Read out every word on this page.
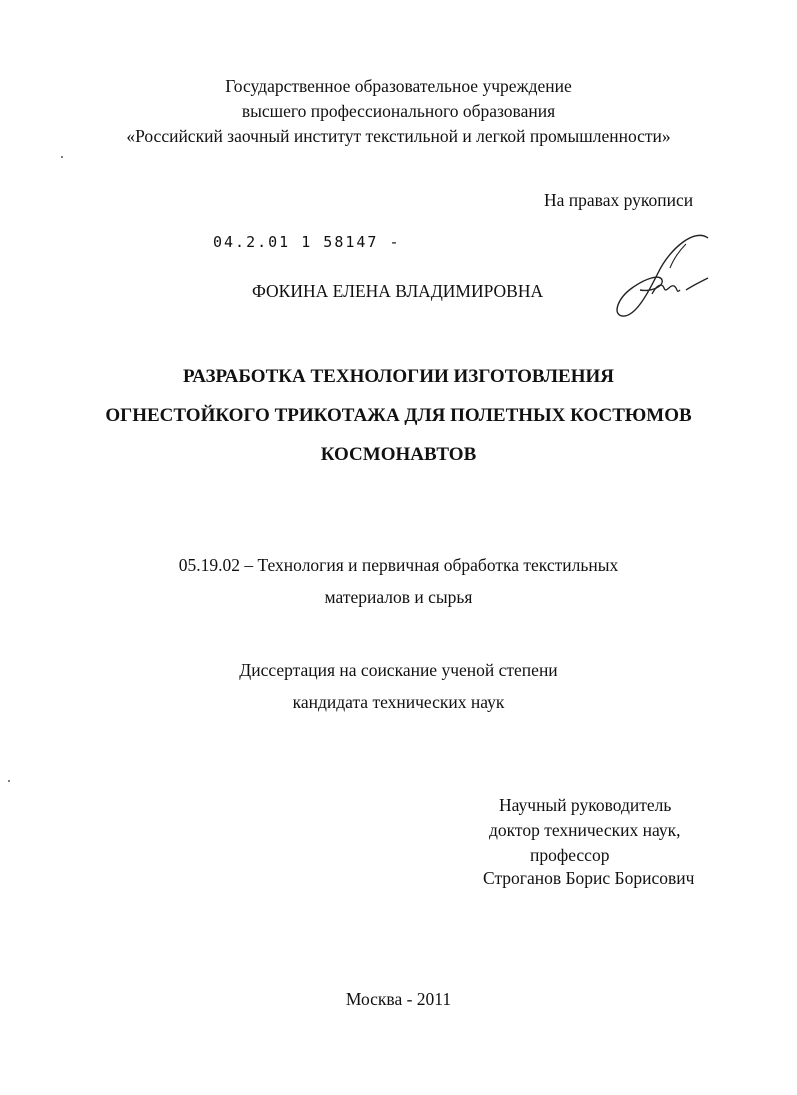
Государственное образовательное учреждение
высшего профессионального образования
«Российский заочный институт текстильной и легкой промышленности»
На правах рукописи
04.2.01 1 58147 -
ФОКИНА ЕЛЕНА ВЛАДИМИРОВНА
РАЗРАБОТКА ТЕХНОЛОГИИ ИЗГОТОВЛЕНИЯ
ОГНЕСТОЙКОГО ТРИКОТАЖА ДЛЯ ПОЛЕТНЫХ КОСТЮМОВ
КОСМОНАВТОВ
05.19.02 – Технология и первичная обработка текстильных
материалов и сырья
Диссертация на соискание ученой степени
кандидата технических наук
Научный руководитель
доктор технических наук,
профессор
Строганов Борис Борисович
Москва - 2011
